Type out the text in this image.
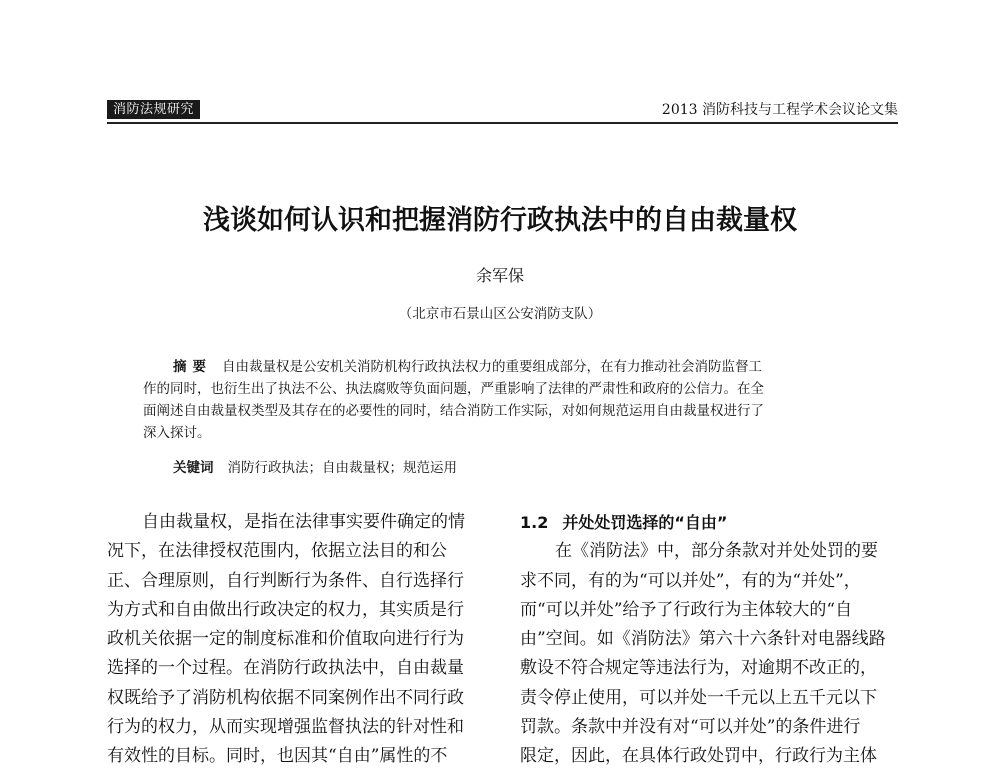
消防法规研究	2013 消防科技与工程学术会议论文集
浅谈如何认识和把握消防行政执法中的自由裁量权
余军保
（北京市石景山区公安消防支队）
摘要 自由裁量权是公安机关消防机构行政执法权力的重要组成部分，在有力推动社会消防监督工
作的同时，也衍生出了执法不公、执法腐败等负面问题，严重影响了法律的严肃性和政府的公信力。在全
面阐述自由裁量权类型及其存在的必要性的同时，结合消防工作实际，对如何规范运用自由裁量权进行了
深入探讨。
关键词 消防行政执法；自由裁量权；规范运用
自由裁量权，是指在法律事实要件确定的情
况下，在法律授权范围内，依据立法目的和公
正、合理原则，自行判断行为条件、自行选择行
为方式和自由做出行政决定的权力，其实质是行
政机关依据一定的制度标准和价值取向进行行为
选择的一个过程。在消防行政执法中，自由裁量
权既给予了消防机构依据不同案例作出不同行政
行为的权力，从而实现增强监督执法的针对性和
有效性的目标。同时，也因其“自由”属性的不
1.2 并处处罚选择的“自由”
在《消防法》中，部分条款对并处处罚的要
求不同，有的为“可以并处”，有的为“并处”，
而“可以并处”给予了行政行为主体较大的“自
由”空间。如《消防法》第六十六条针对电器线路
敷设不符合规定等违法行为，对逾期不改正的，
责令停止使用，可以并处一千元以上五千元以下
罚款。条款中并没有对“可以并处”的条件进行
限定，因此，在具体行政处罚中，行政行为主体
